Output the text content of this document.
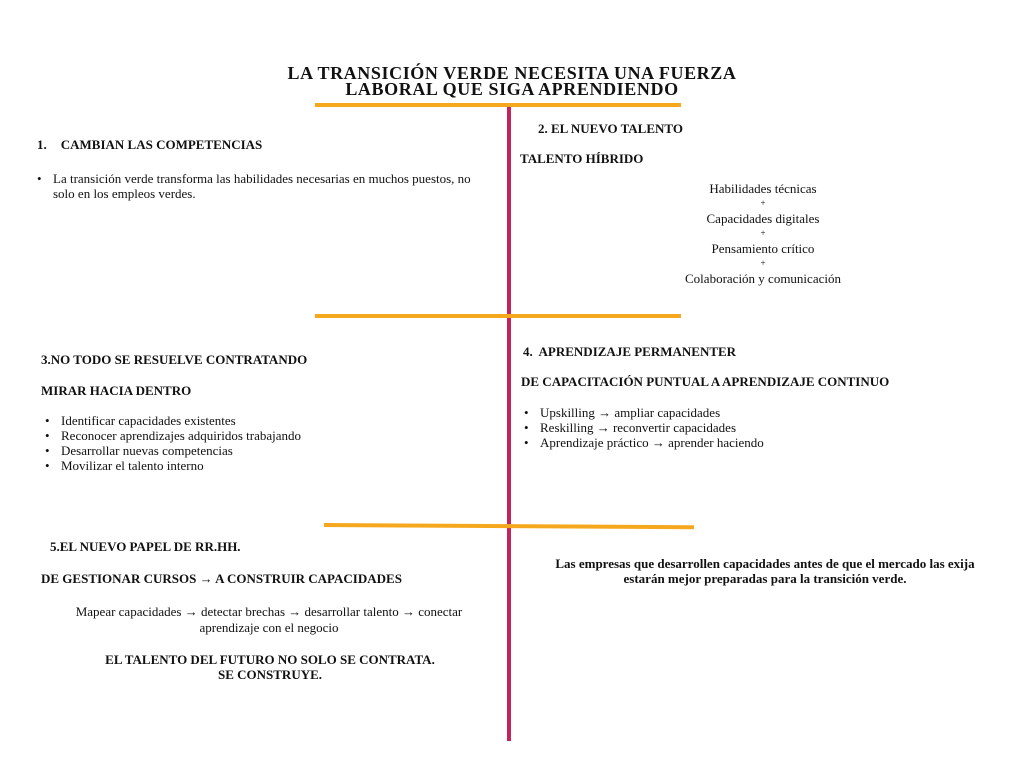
LA TRANSICIÓN VERDE NECESITA UNA FUERZA
LABORAL QUE SIGA APRENDIENDO
1. CAMBIAN LAS COMPETENCIAS
• La transición verde transforma las habilidades necesarias en muchos puestos, no solo en los empleos verdes.
2. EL NUEVO TALENTO
TALENTO HÍBRIDO
Habilidades técnicas
+
Capacidades digitales
+
Pensamiento crítico
+
Colaboración y comunicación
3.NO TODO SE RESUELVE CONTRATANDO
MIRAR HACIA DENTRO
• Identificar capacidades existentes
• Reconocer aprendizajes adquiridos trabajando
• Desarrollar nuevas competencias
• Movilizar el talento interno
4.  APRENDIZAJE PERMANENTER
DE CAPACITACIÓN PUNTUAL A APRENDIZAJE CONTINUO
• Upskilling → ampliar capacidades
• Reskilling → reconvertir capacidades
• Aprendizaje práctico → aprender haciendo
5.EL NUEVO PAPEL DE RR.HH.
DE GESTIONAR CURSOS → A CONSTRUIR CAPACIDADES
Mapear capacidades → detectar brechas → desarrollar talento → conectar
aprendizaje con el negocio
EL TALENTO DEL FUTURO NO SOLO SE CONTRATA.
SE CONSTRUYE.
Las empresas que desarrollen capacidades antes de que el mercado las exija
estarán mejor preparadas para la transición verde.
